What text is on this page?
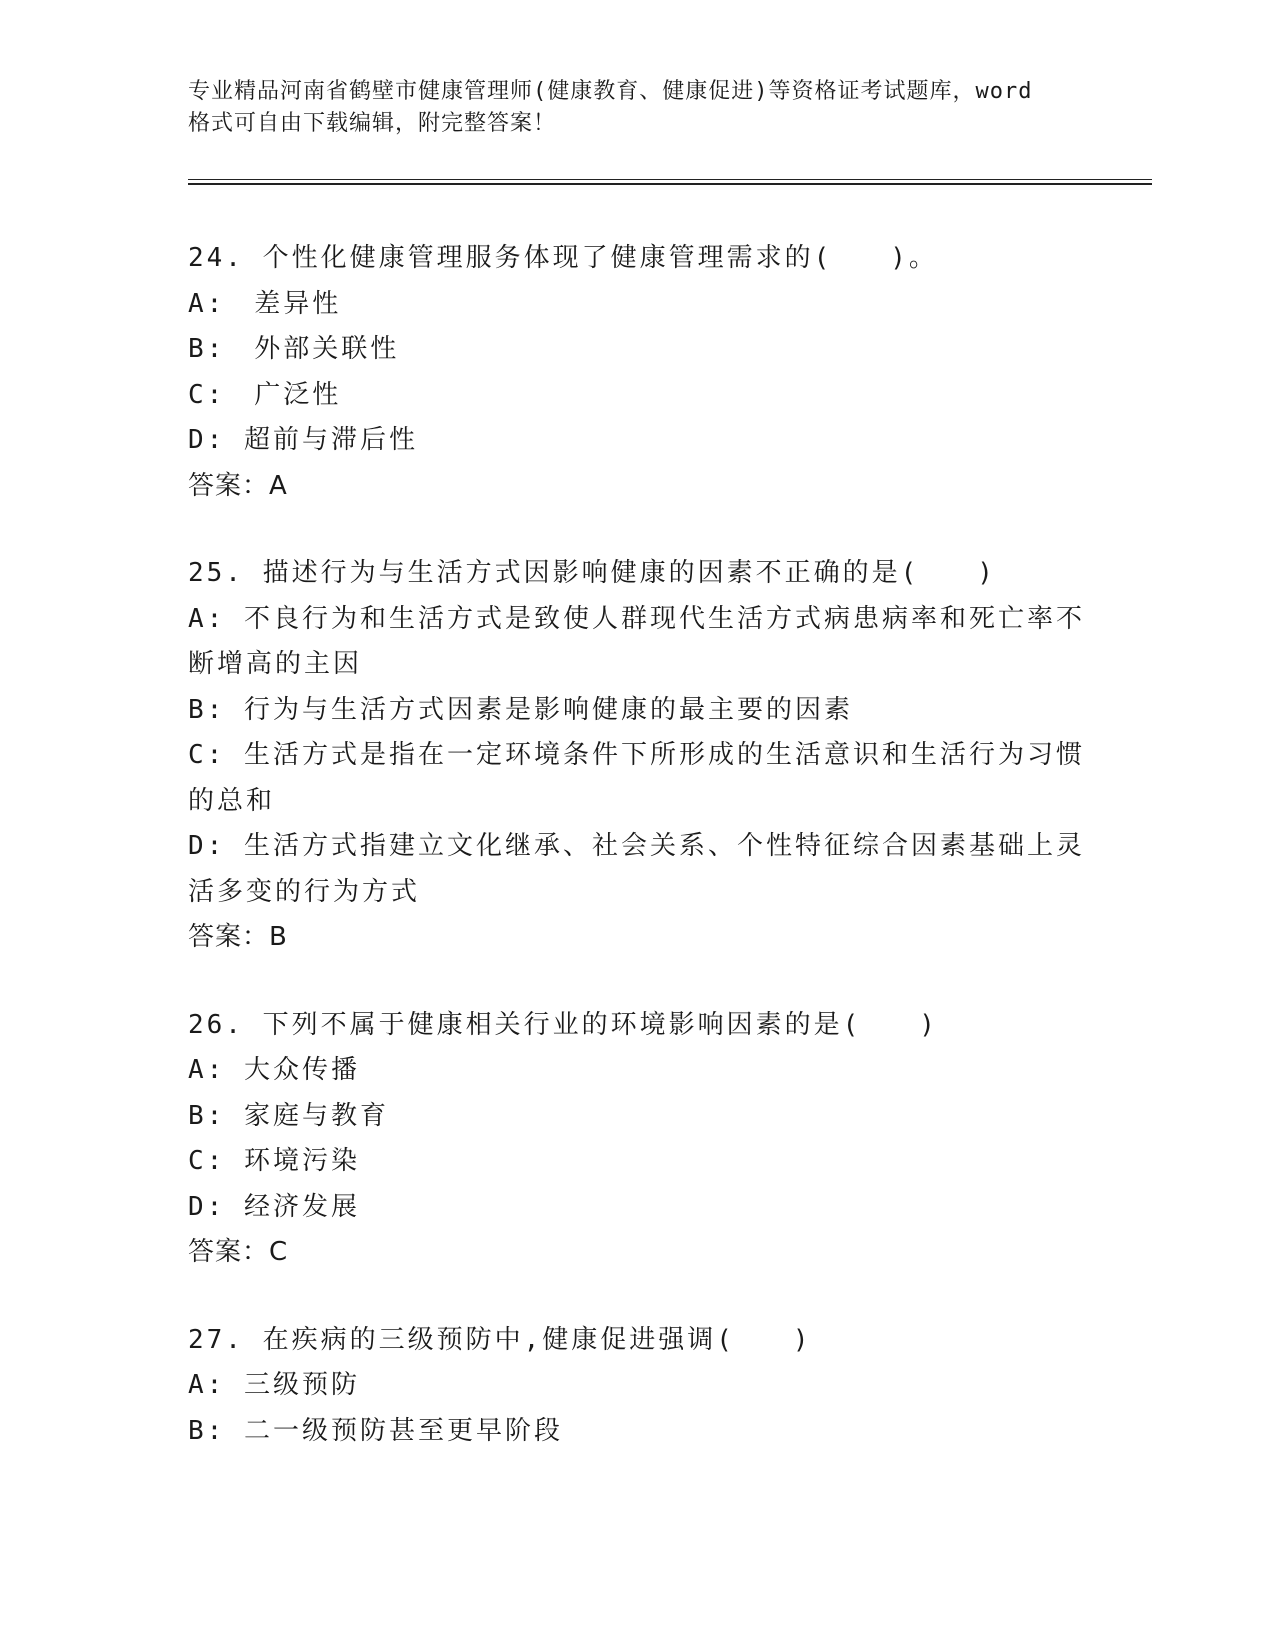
专业精品河南省鹤壁市健康管理师(健康教育、健康促进)等资格证考试题库，word
格式可自由下载编辑，附完整答案！
24. 个性化健康管理服务体现了健康管理需求的(　　)。
A:　差异性
B:　外部关联性
C:　广泛性
D: 超前与滞后性
答案：A
25. 描述行为与生活方式因影响健康的因素不正确的是(　　)
A: 不良行为和生活方式是致使人群现代生活方式病患病率和死亡率不断增高的主因
B: 行为与生活方式因素是影响健康的最主要的因素
C: 生活方式是指在一定环境条件下所形成的生活意识和生活行为习惯的总和
D: 生活方式指建立文化继承、社会关系、个性特征综合因素基础上灵活多变的行为方式
答案：B
26. 下列不属于健康相关行业的环境影响因素的是(　　)
A: 大众传播
B: 家庭与教育
C: 环境污染
D: 经济发展
答案：C
27. 在疾病的三级预防中,健康促进强调(　　)
A: 三级预防
B: 二一级预防甚至更早阶段
